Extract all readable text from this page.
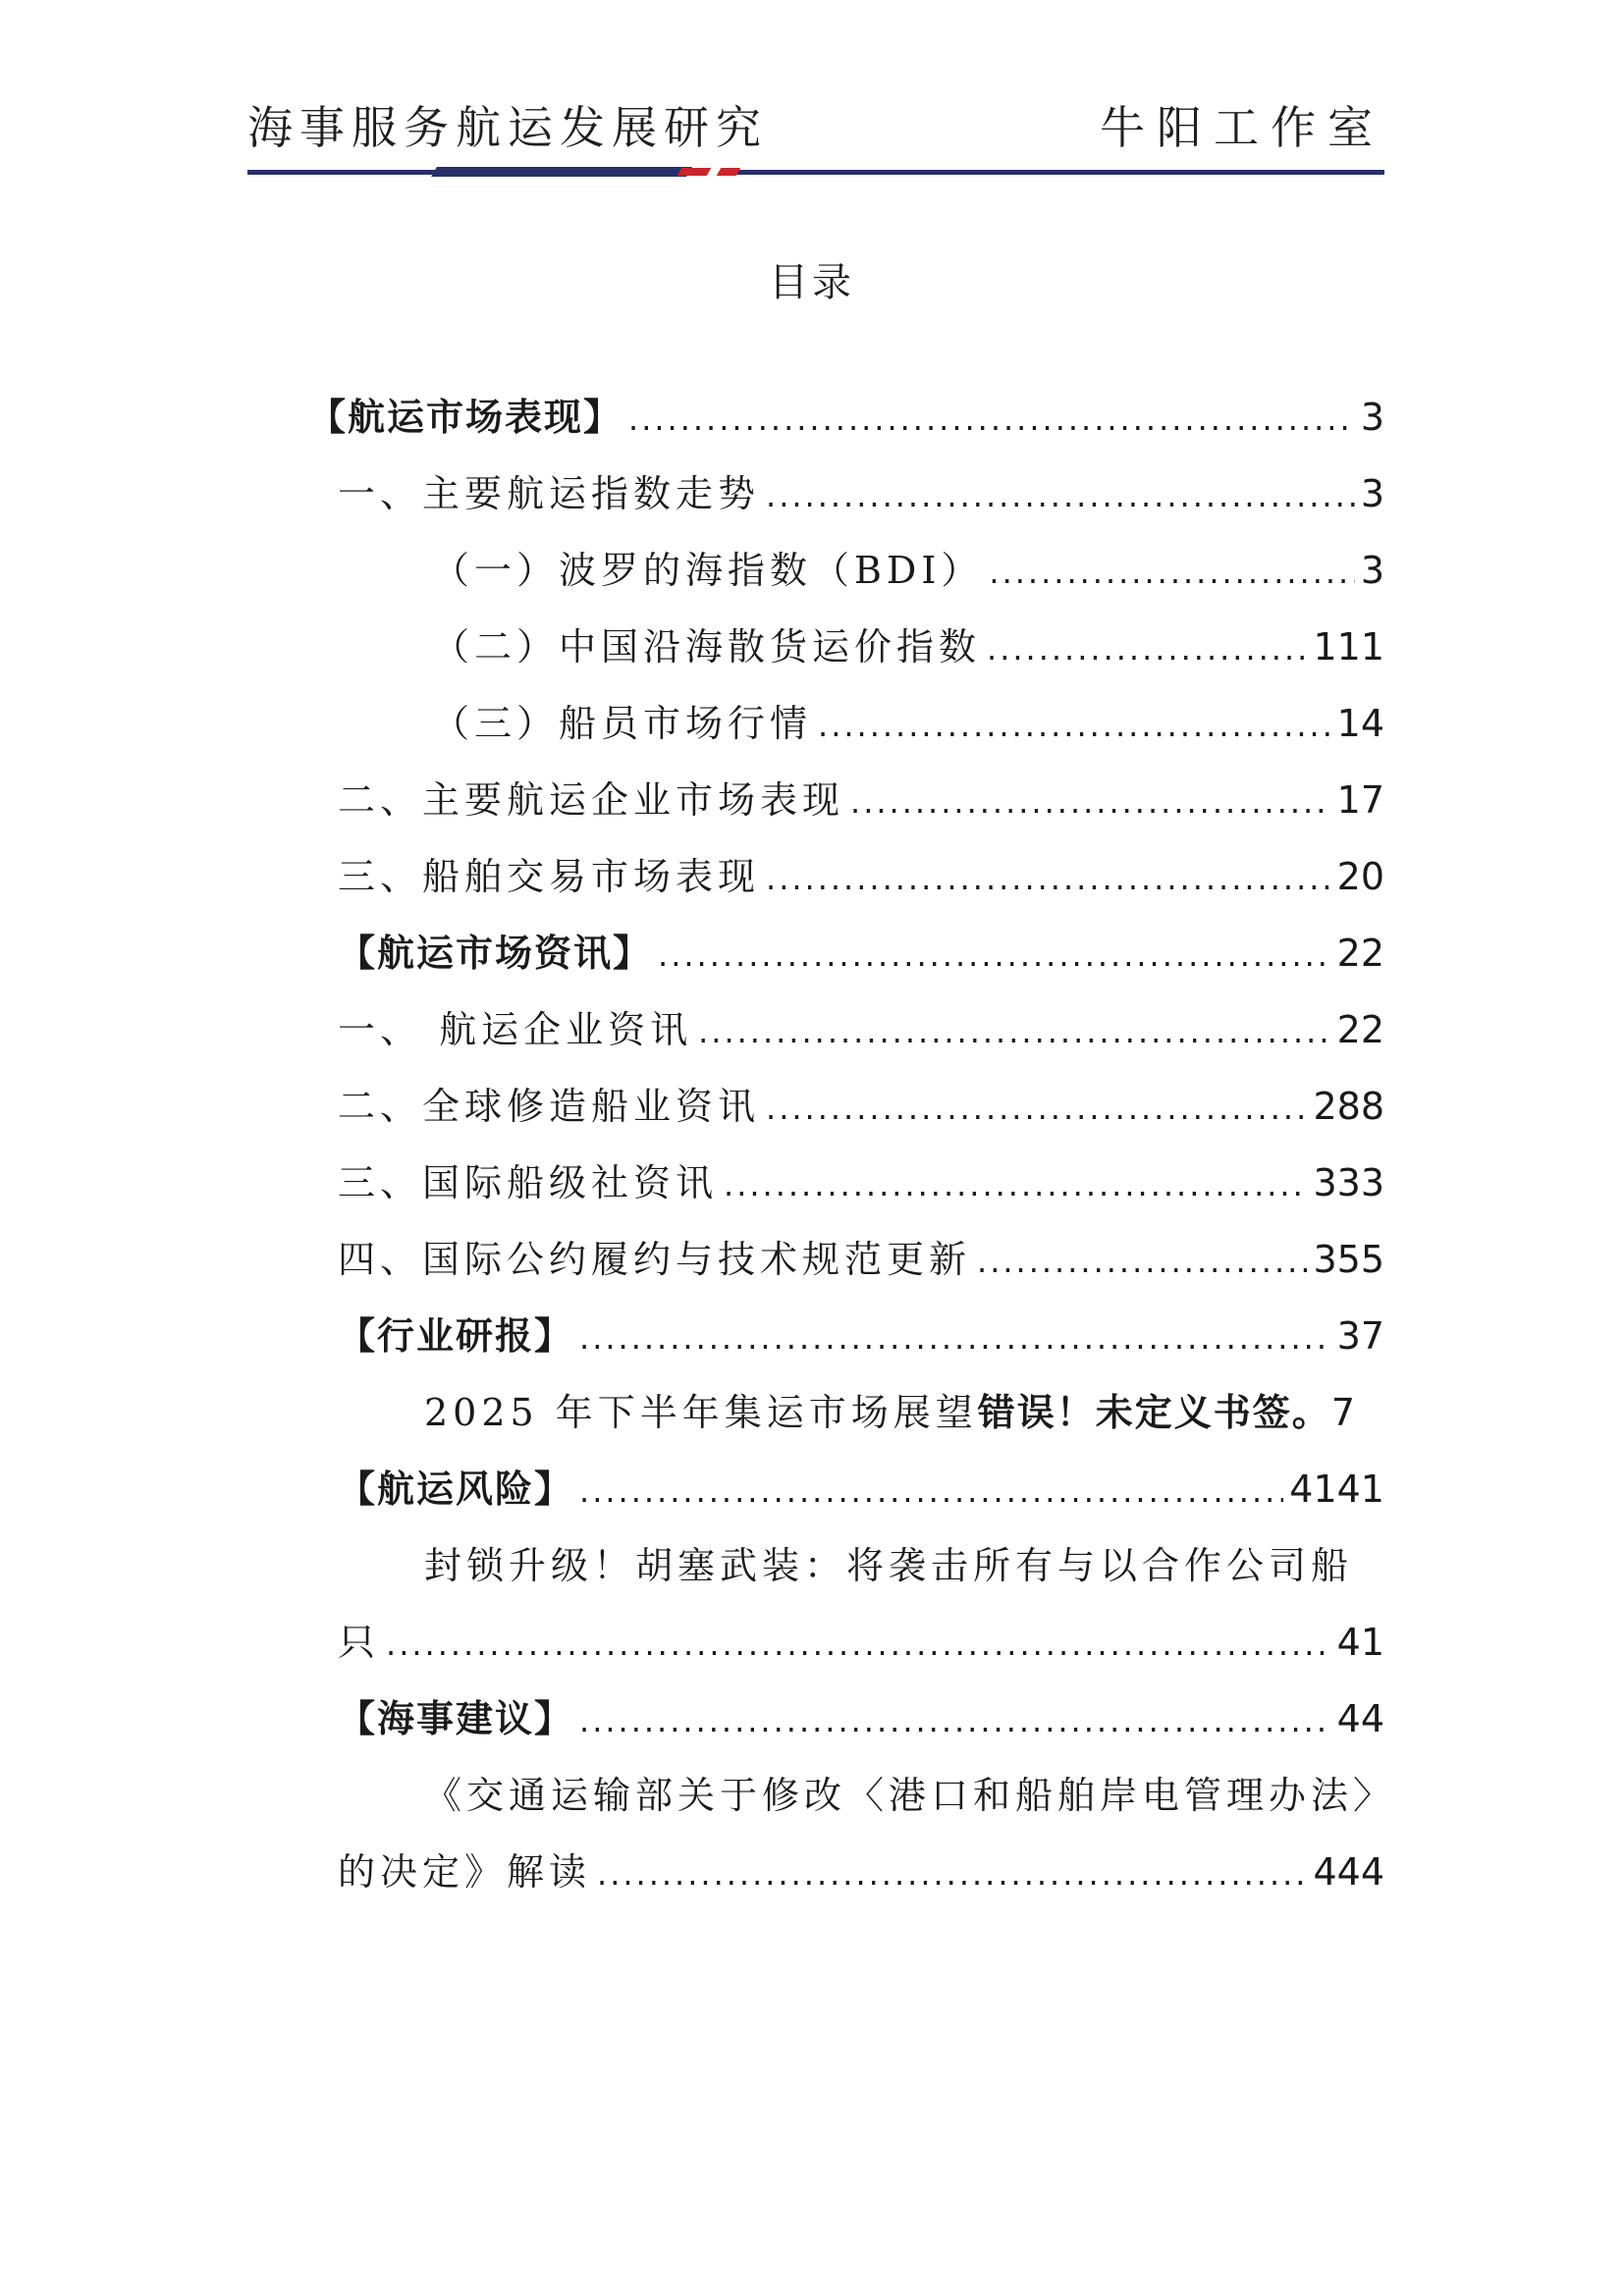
海事服务航运发展研究	牛阳工作室
目录
【航运市场表现】 .....	3
一、主要航运指数走势 .....	3
（一）波罗的海指数（BDI） .....	3
（二）中国沿海散货运价指数 .....	111
（三）船员市场行情 .....	14
二、主要航运企业市场表现 .....	17
三、船舶交易市场表现 .....	20
【航运市场资讯】 .....	22
一、 航运企业资讯 .....	22
二、全球修造船业资讯 .....	288
三、国际船级社资讯 .....	333
四、国际公约履约与技术规范更新 .....	355
【行业研报】 .....	37
2025 年下半年集运市场展望 错误！未定义书签。 7
【航运风险】 .....	4141
封锁升级！胡塞武装：将袭击所有与以合作公司船
只 .....	41
【海事建议】 .....	44
《交通运输部关于修改〈港口和船舶岸电管理办法〉
的决定》解读 .....	444
